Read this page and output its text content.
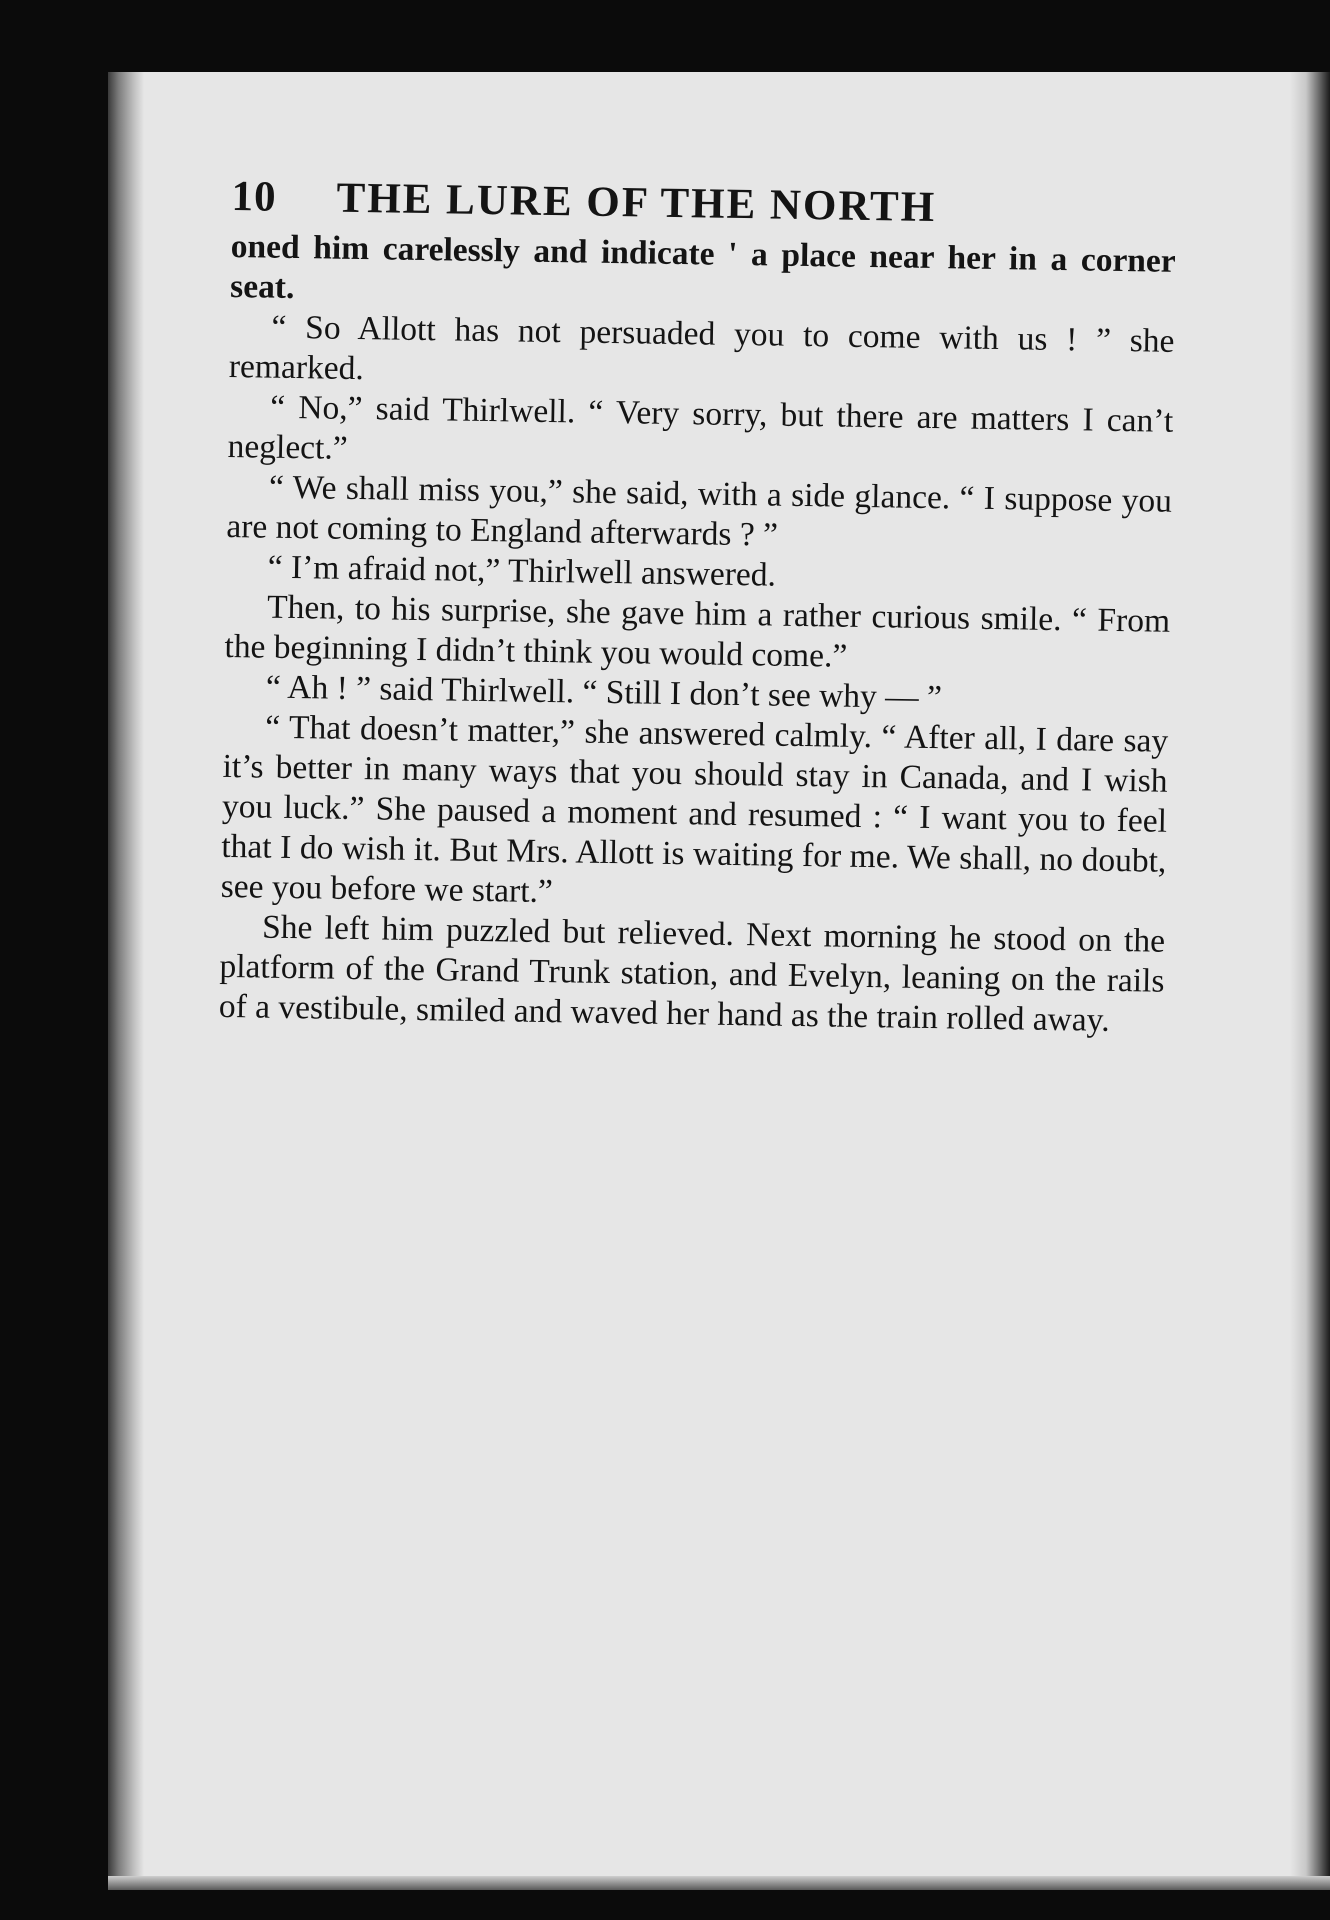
10	THE LURE OF THE NORTH

oned him carelessly and indicate ' a place near her in a corner seat.

“ So Allott has not persuaded you to come with us ! ” she remarked.

“ No,” said Thirlwell. “ Very sorry, but there are matters I can’t neglect.”

“ We shall miss you,” she said, with a side glance. “ I suppose you are not coming to England afterwards ? ”

“ I’m afraid not,” Thirlwell answered.

Then, to his surprise, she gave him a rather curious smile. “ From the beginning I didn’t think you would come.”

“ Ah ! ” said Thirlwell. “ Still I don’t see why — ”

“ That doesn’t matter,” she answered calmly. “ After all, I dare say it’s better in many ways that you should stay in Canada, and I wish you luck.” She paused a moment and resumed : “ I want you to feel that I do wish it. But Mrs. Allott is waiting for me. We shall, no doubt, see you before we start.”

She left him puzzled but relieved. Next morning he stood on the platform of the Grand Trunk station, and Evelyn, leaning on the rails of a vestibule, smiled and waved her hand as the train rolled away.
